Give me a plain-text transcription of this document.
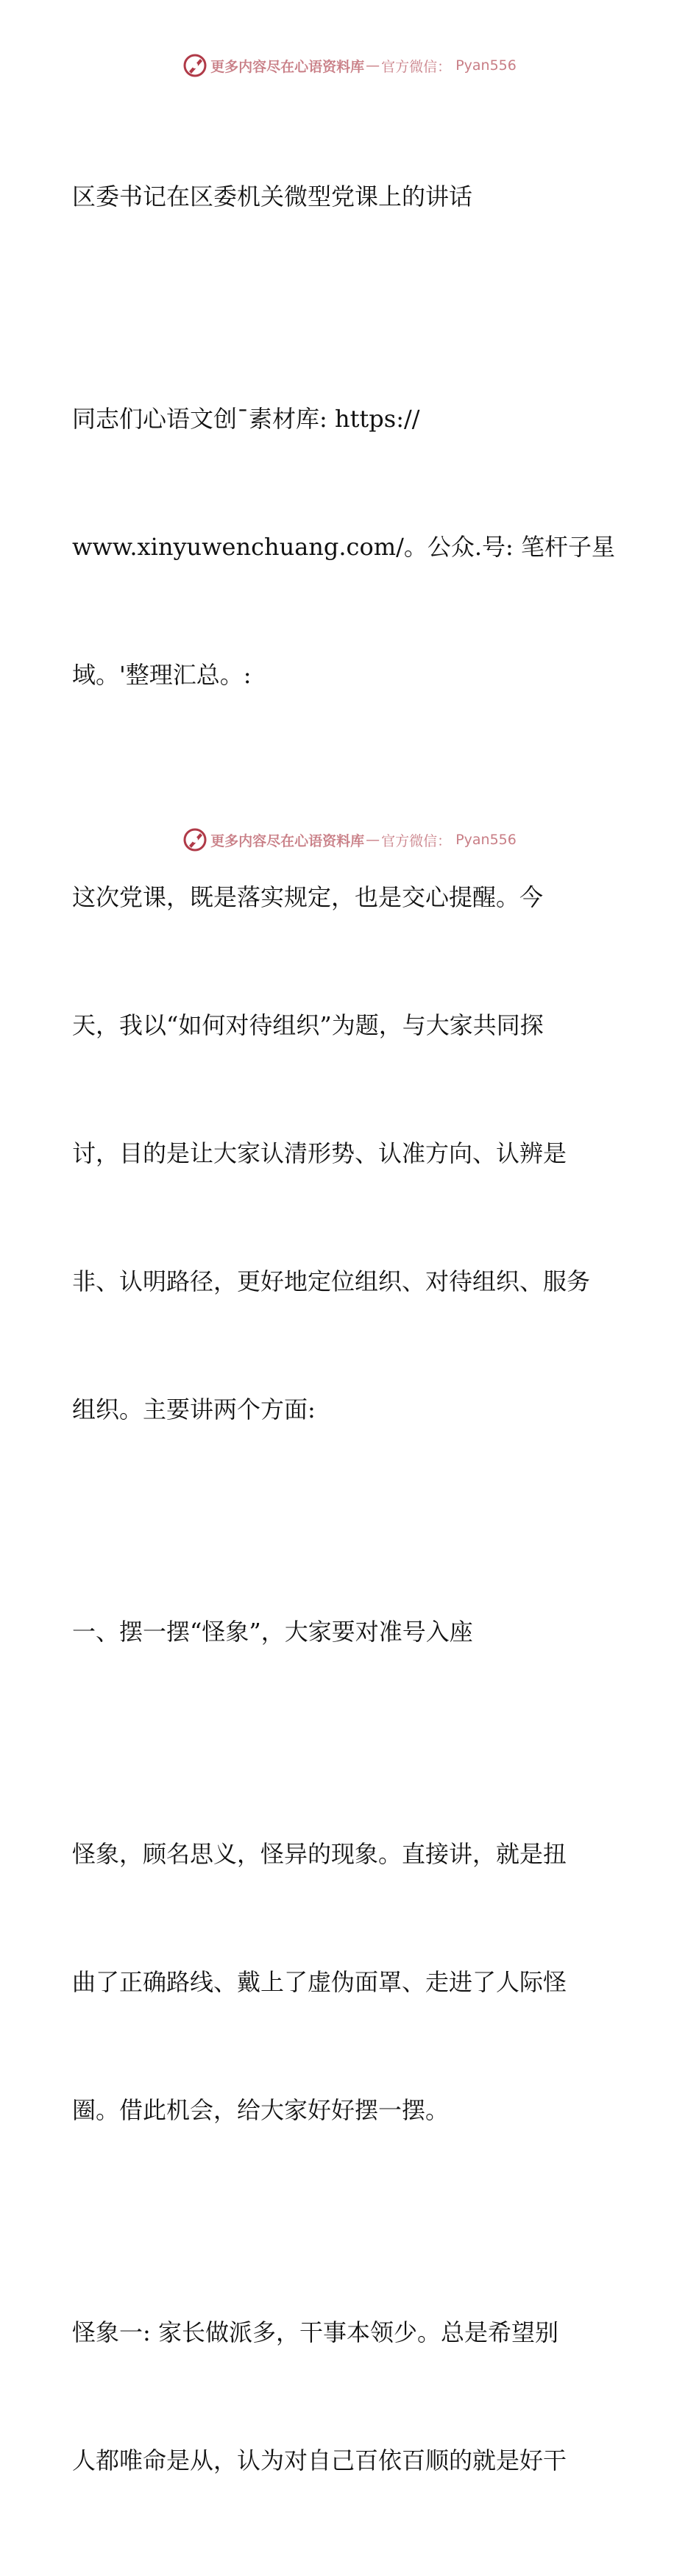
更多内容尽在心语资料库 — 官方微信： Pyan556

区委书记在区委机关微型党课上的讲话

同志们心语文创¯素材库: https://

www.xinyuwenchuang.com/。公众.号: 笔杆子星

域。'整理汇总。:

这次党课，既是落实规定，也是交心提醒。今

天，我以“如何对待组织”为题，与大家共同探

讨，目的是让大家认清形势、认准方向、认辨是

非、认明路径，更好地定位组织、对待组织、服务

组织。主要讲两个方面:

一、摆一摆“怪象”，大家要对准号入座

怪象，顾名思义，怪异的现象。直接讲，就是扭

曲了正确路线、戴上了虚伪面罩、走进了人际怪

圈。借此机会，给大家好好摆一摆。

怪象一: 家长做派多，干事本领少。总是希望别

人都唯命是从，认为对自己百依百顺的就是好干

更多内容尽在心语资料库 — 官方微信： Pyan556
